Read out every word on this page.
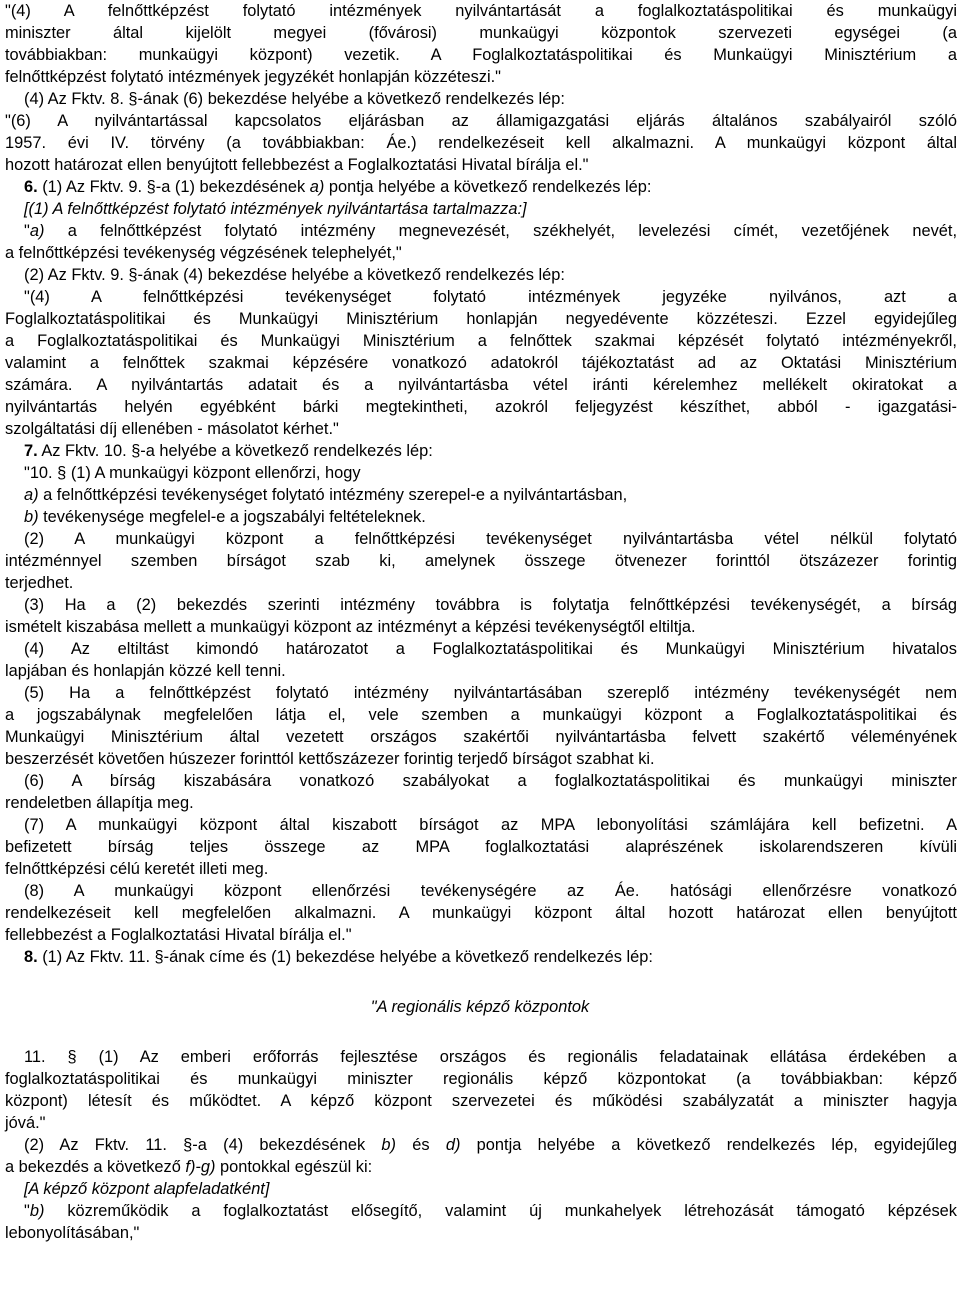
"(4) A felnőttképzést folytató intézmények nyilvántartását a foglalkoztatáspolitikai és munkaügyi
miniszter által kijelölt megyei (fővárosi) munkaügyi központok szervezeti egységei (a
továbbiakban: munkaügyi központ) vezetik. A Foglalkoztatáspolitikai és Munkaügyi Minisztérium a
felnőttképzést folytató intézmények jegyzékét honlapján közzéteszi."
(4) Az Fktv. 8. §-ának (6) bekezdése helyébe a következő rendelkezés lép:
"(6) A nyilvántartással kapcsolatos eljárásban az államigazgatási eljárás általános szabályairól szóló
1957. évi IV. törvény (a továbbiakban: Áe.) rendelkezéseit kell alkalmazni. A munkaügyi központ által
hozott határozat ellen benyújtott fellebbezést a Foglalkoztatási Hivatal bírálja el."
6. (1) Az Fktv. 9. §-a (1) bekezdésének a) pontja helyébe a következő rendelkezés lép:
[(1) A felnőttképzést folytató intézmények nyilvántartása tartalmazza:]
"a) a felnőttképzést folytató intézmény megnevezését, székhelyét, levelezési címét, vezetőjének nevét,
a felnőttképzési tevékenység végzésének telephelyét,"
(2) Az Fktv. 9. §-ának (4) bekezdése helyébe a következő rendelkezés lép:
"(4) A felnőttképzési tevékenységet folytató intézmények jegyzéke nyilvános, azt a
Foglalkoztatáspolitikai és Munkaügyi Minisztérium honlapján negyedévente közzéteszi. Ezzel egyidejűleg
a Foglalkoztatáspolitikai és Munkaügyi Minisztérium a felnőttek szakmai képzését folytató intézményekről,
valamint a felnőttek szakmai képzésére vonatkozó adatokról tájékoztatást ad az Oktatási Minisztérium
számára. A nyilvántartás adatait és a nyilvántartásba vétel iránti kérelemhez mellékelt okiratokat a
nyilvántartás helyén egyébként bárki megtekintheti, azokról feljegyzést készíthet, abból - igazgatási-
szolgáltatási díj ellenében - másolatot kérhet."
7. Az Fktv. 10. §-a helyébe a következő rendelkezés lép:
"10. § (1) A munkaügyi központ ellenőrzi, hogy
a) a felnőttképzési tevékenységet folytató intézmény szerepel-e a nyilvántartásban,
b) tevékenysége megfelel-e a jogszabályi feltételeknek.
(2) A munkaügyi központ a felnőttképzési tevékenységet nyilvántartásba vétel nélkül folytató
intézménnyel szemben bírságot szab ki, amelynek összege ötvenezer forinttól ötszázezer forintig
terjedhet.
(3) Ha a (2) bekezdés szerinti intézmény továbbra is folytatja felnőttképzési tevékenységét, a bírság
ismételt kiszabása mellett a munkaügyi központ az intézményt a képzési tevékenységtől eltiltja.
(4) Az eltiltást kimondó határozatot a Foglalkoztatáspolitikai és Munkaügyi Minisztérium hivatalos
lapjában és honlapján közzé kell tenni.
(5) Ha a felnőttképzést folytató intézmény nyilvántartásában szereplő intézmény tevékenységét nem
a jogszabálynak megfelelően látja el, vele szemben a munkaügyi központ a Foglalkoztatáspolitikai és
Munkaügyi Minisztérium által vezetett országos szakértői nyilvántartásba felvett szakértő véleményének
beszerzését követően húszezer forinttól kettőszázezer forintig terjedő bírságot szabhat ki.
(6) A bírság kiszabására vonatkozó szabályokat a foglalkoztatáspolitikai és munkaügyi miniszter
rendeletben állapítja meg.
(7) A munkaügyi központ által kiszabott bírságot az MPA lebonyolítási számlájára kell befizetni. A
befizetett bírság teljes összege az MPA foglalkoztatási alaprészének iskolarendszeren kívüli
felnőttképzési célú keretét illeti meg.
(8) A munkaügyi központ ellenőrzési tevékenységére az Áe. hatósági ellenőrzésre vonatkozó
rendelkezéseit kell megfelelően alkalmazni. A munkaügyi központ által hozott határozat ellen benyújtott
fellebbezést a Foglalkoztatási Hivatal bírálja el."
8. (1) Az Fktv. 11. §-ának címe és (1) bekezdése helyébe a következő rendelkezés lép:
"A regionális képző központok
11. § (1) Az emberi erőforrás fejlesztése országos és regionális feladatainak ellátása érdekében a
foglalkoztatáspolitikai és munkaügyi miniszter regionális képző központokat (a továbbiakban: képző
központ) létesít és működtet. A képző központ szervezetei és működési szabályzatát a miniszter hagyja
jóvá."
(2) Az Fktv. 11. §-a (4) bekezdésének b) és d) pontja helyébe a következő rendelkezés lép, egyidejűleg
a bekezdés a következő f)-g) pontokkal egészül ki:
[A képző központ alapfeladatként]
"b) közreműködik a foglalkoztatást elősegítő, valamint új munkahelyek létrehozását támogató képzések
lebonyolításában,"
